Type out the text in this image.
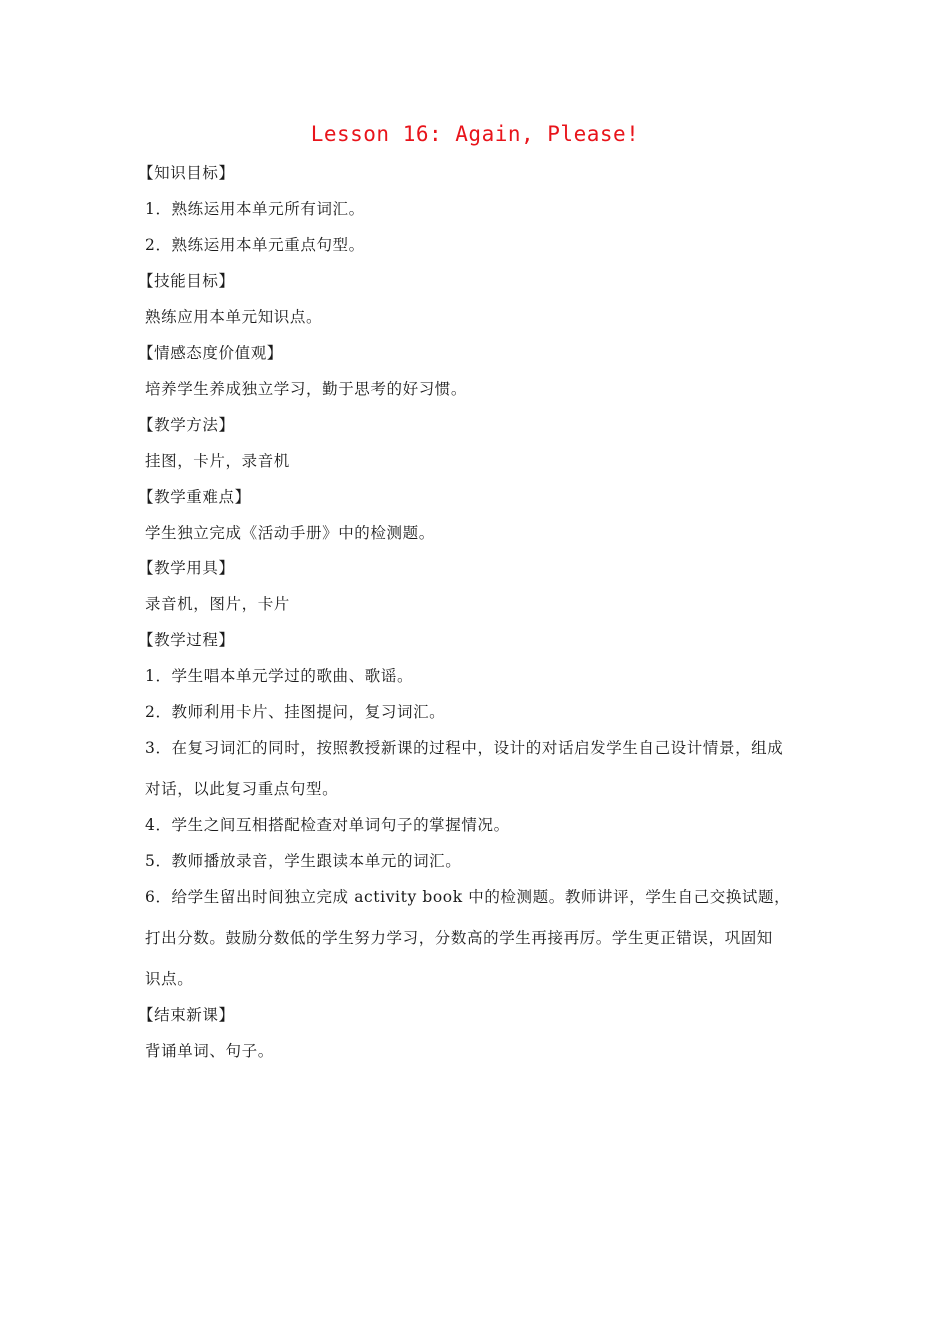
Lesson 16: Again, Please!
【知识目标】
1．熟练运用本单元所有词汇。
2．熟练运用本单元重点句型。
【技能目标】
熟练应用本单元知识点。
【情感态度价值观】
培养学生养成独立学习，勤于思考的好习惯。
【教学方法】
挂图，卡片，录音机
【教学重难点】
学生独立完成《活动手册》中的检测题。
【教学用具】
录音机，图片，卡片
【教学过程】
1．学生唱本单元学过的歌曲、歌谣。
2．教师利用卡片、挂图提问，复习词汇。
3．在复习词汇的同时，按照教授新课的过程中，设计的对话启发学生自己设计情景，组成
对话，以此复习重点句型。
4．学生之间互相搭配检查对单词句子的掌握情况。
5．教师播放录音，学生跟读本单元的词汇。
6．给学生留出时间独立完成 activity book 中的检测题。教师讲评，学生自己交换试题，
打出分数。鼓励分数低的学生努力学习，分数高的学生再接再厉。学生更正错误，巩固知
识点。
【结束新课】
背诵单词、句子。
